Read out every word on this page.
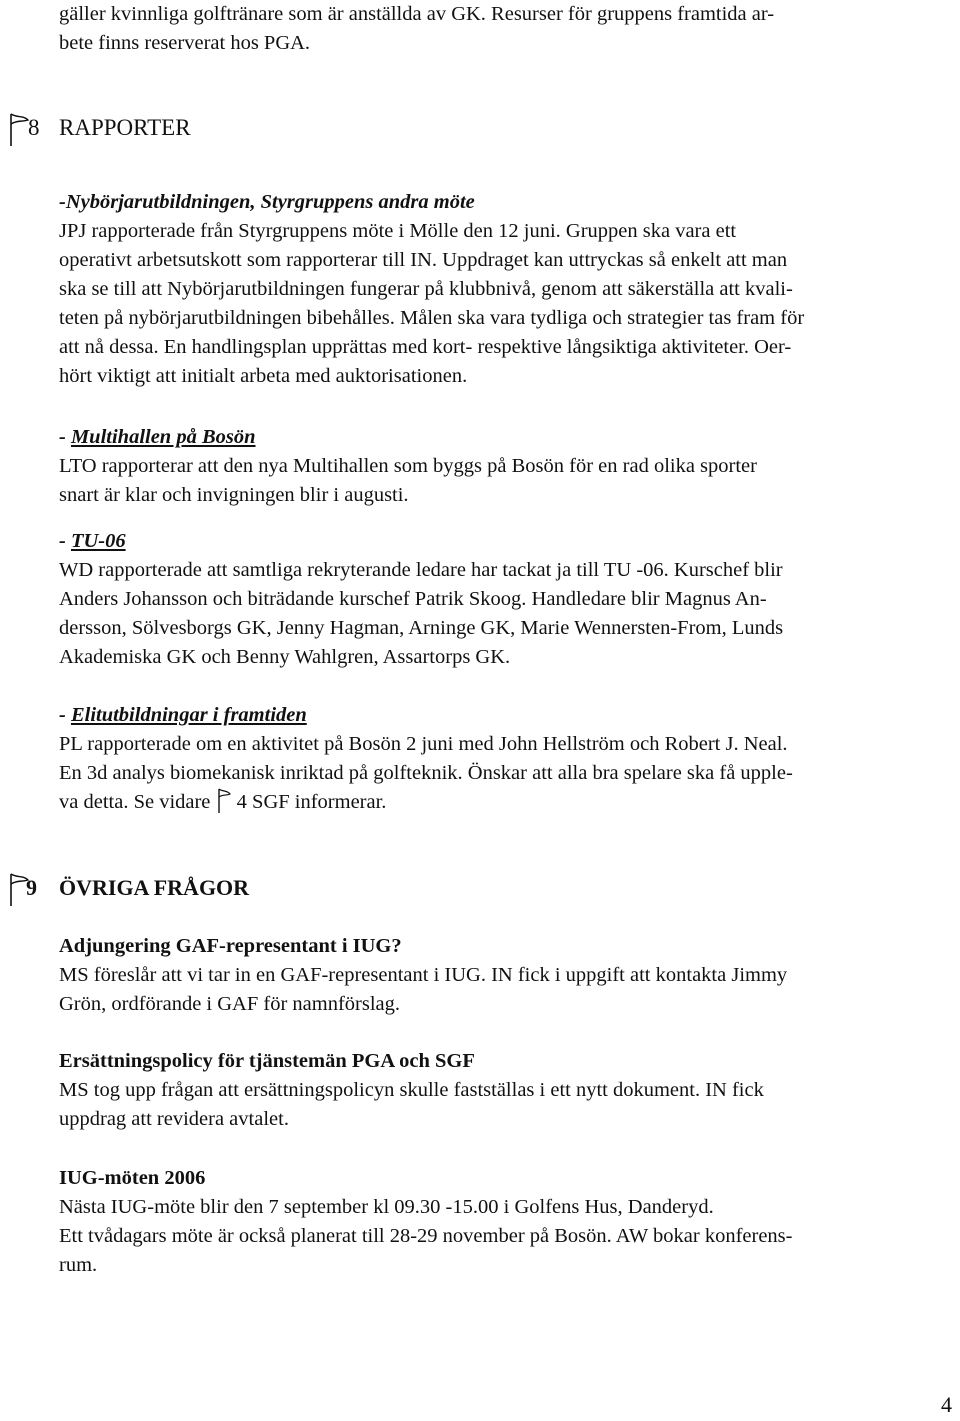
gäller kvinnliga golftränare som är anställda av GK. Resurser för gruppens framtida ar-
bete finns reserverat hos PGA.
8 RAPPORTER
-Nybörjarutbildningen, Styrgruppens andra möte
JPJ rapporterade från Styrgruppens möte i Mölle den 12 juni. Gruppen ska vara ett
operativt arbetsutskott som rapporterar till IN. Uppdraget kan uttryckas så enkelt att man
ska se till att Nybörjarutbildningen fungerar på klubbnivå, genom att säkerställa att kvali-
teten på nybörjarutbildningen bibehålles. Målen ska vara tydliga och strategier tas fram för
att nå dessa. En handlingsplan upprättas med kort- respektive långsiktiga aktiviteter. Oer-
hört viktigt att initialt arbeta med auktorisationen.
- Multihallen på Bosön
LTO rapporterar att den nya Multihallen som byggs på Bosön för en rad olika sporter
snart är klar och invigningen blir i augusti.
- TU-06
WD rapporterade att samtliga rekryterande ledare har tackat ja till TU -06. Kurschef blir
Anders Johansson och biträdande kurschef Patrik Skoog. Handledare blir Magnus An-
dersson, Sölvesborgs GK, Jenny Hagman, Arninge GK, Marie Wennersten-From, Lunds
Akademiska GK och Benny Wahlgren, Assartorps GK.
- Elitutbildningar i framtiden
PL rapporterade om en aktivitet på Bosön 2 juni med John Hellström och Robert J. Neal.
En 3d analys biomekanisk inriktad på golfteknik. Önskar att alla bra spelare ska få upple-
va detta. Se vidare  4 SGF informerar.
9 ÖVRIGA FRÅGOR
Adjungering GAF-representant i IUG?
MS föreslår att vi tar in en GAF-representant i IUG. IN fick i uppgift att kontakta Jimmy
Grön, ordförande i GAF för namnförslag.
Ersättningspolicy för tjänstemän PGA och SGF
MS tog upp frågan att ersättningspolicyn skulle fastställas i ett nytt dokument. IN fick
uppdrag att revidera avtalet.
IUG-möten 2006
Nästa IUG-möte blir den 7 september kl 09.30 -15.00 i Golfens Hus, Danderyd.
Ett tvådagars möte är också planerat till 28-29 november på Bosön. AW bokar konferens-
rum.
4
